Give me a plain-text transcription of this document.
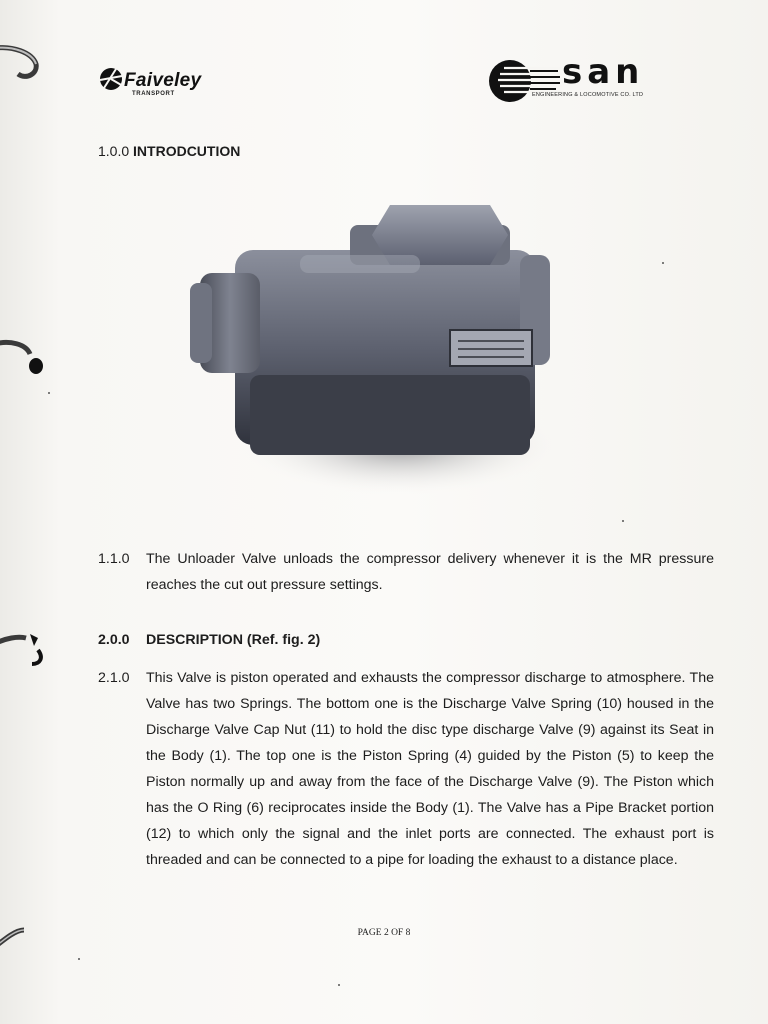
Faiveley
TRANSPORT
san
ENGINEERING & LOCOMOTIVE CO. LTD
1.0.0 INTRODCUTION
1.1.0 The Unloader Valve unloads the compressor delivery whenever it is the MR pressure reaches the cut out pressure settings.
2.0.0 DESCRIPTION (Ref. fig. 2)
2.1.0 This Valve is piston operated and exhausts the compressor discharge to atmosphere. The Valve has two Springs. The bottom one is the Discharge Valve Spring (10) housed in the Discharge Valve Cap Nut (11) to hold the disc type discharge Valve (9) against its Seat in the Body (1). The top one is the Piston Spring (4) guided by the Piston (5) to keep the Piston normally up and away from the face of the Discharge Valve (9). The Piston which has the O Ring (6) reciprocates inside the Body (1). The Valve has a Pipe Bracket portion (12) to which only the signal and the inlet ports are connected. The exhaust port is threaded and can be connected to a pipe for loading the exhaust to a distance place.
PAGE 2 OF 8
